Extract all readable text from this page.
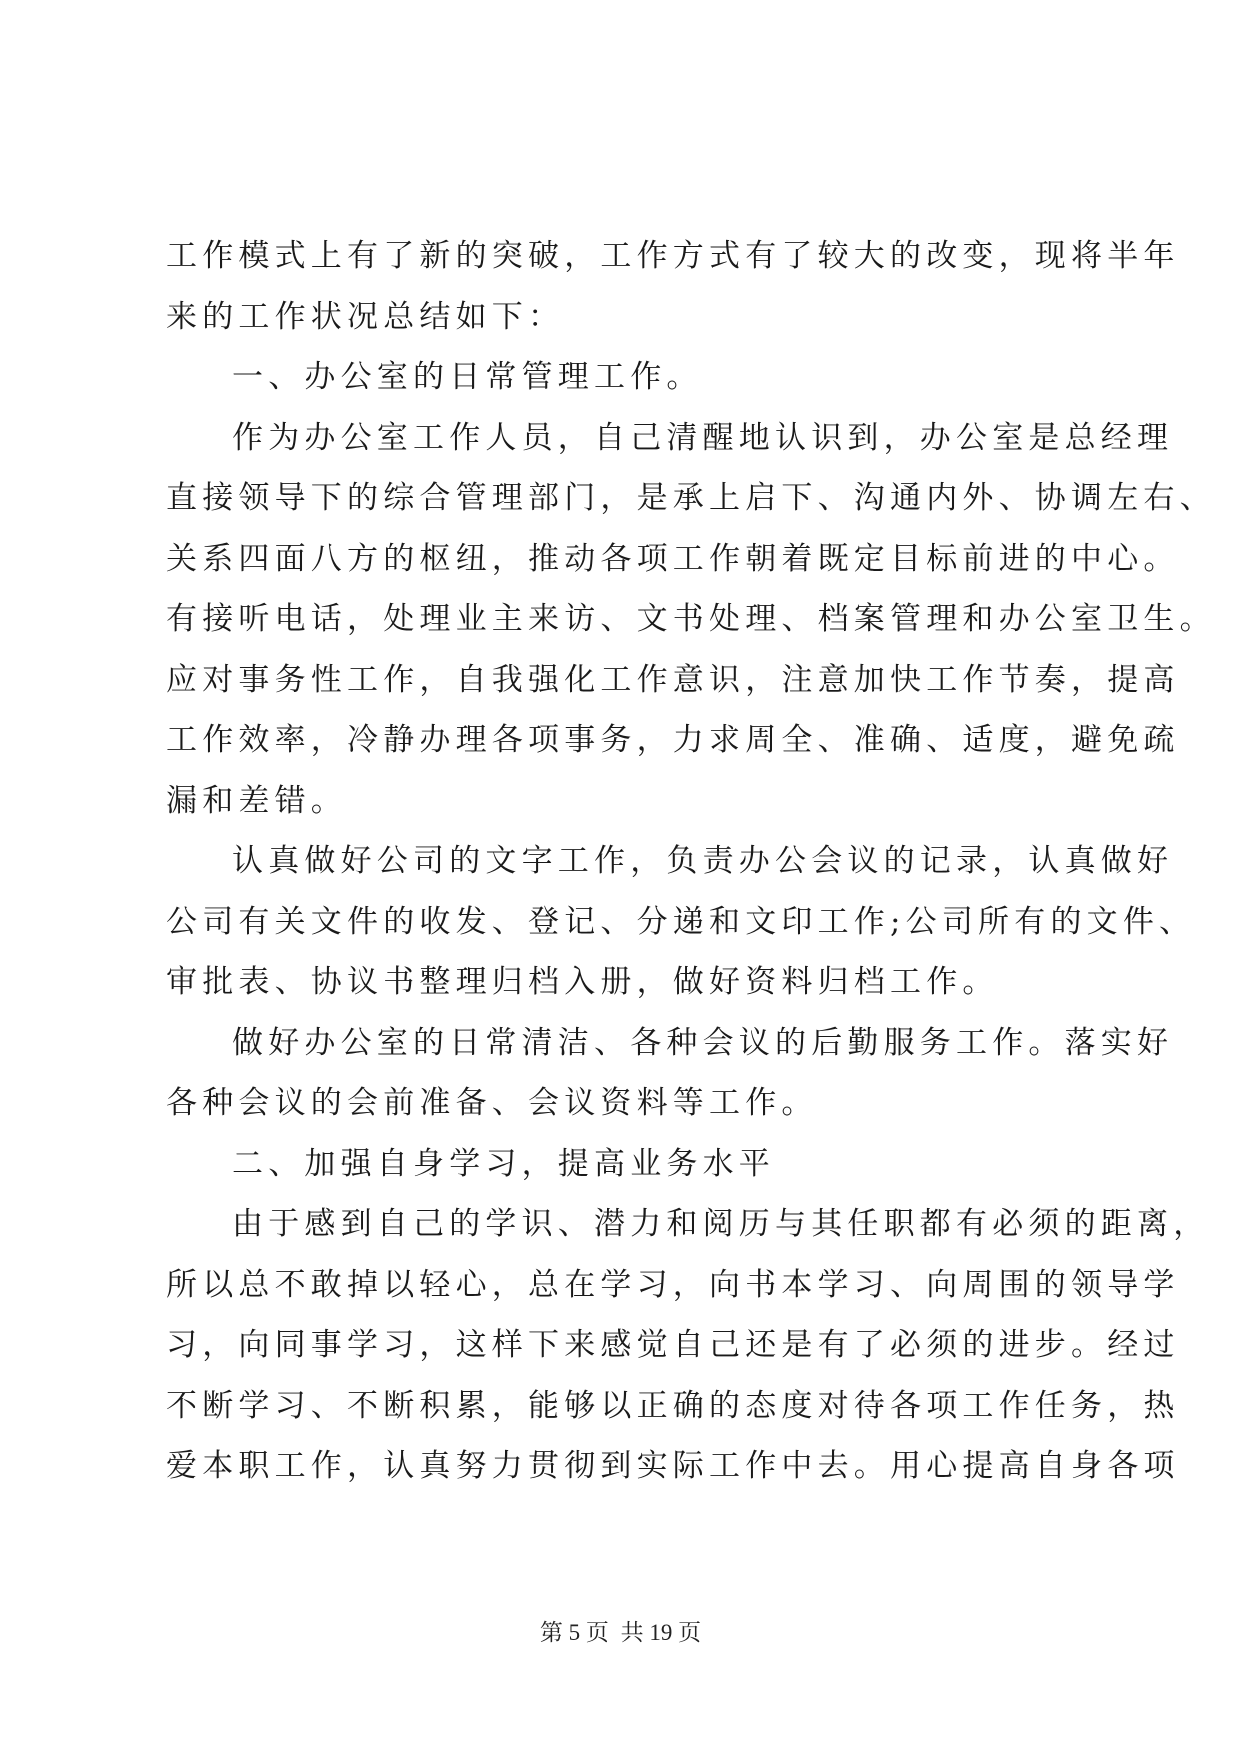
工作模式上有了新的突破，工作方式有了较大的改变，现将半年
来的工作状况总结如下：
一、办公室的日常管理工作。
作为办公室工作人员，自己清醒地认识到，办公室是总经理
直接领导下的综合管理部门，是承上启下、沟通内外、协调左右、
关系四面八方的枢纽，推动各项工作朝着既定目标前进的中心。
有接听电话，处理业主来访、文书处理、档案管理和办公室卫生。
应对事务性工作，自我强化工作意识，注意加快工作节奏，提高
工作效率，冷静办理各项事务，力求周全、准确、适度，避免疏
漏和差错。
认真做好公司的文字工作，负责办公会议的记录，认真做好
公司有关文件的收发、登记、分递和文印工作;公司所有的文件、
审批表、协议书整理归档入册，做好资料归档工作。
做好办公室的日常清洁、各种会议的后勤服务工作。落实好
各种会议的会前准备、会议资料等工作。
二、加强自身学习，提高业务水平
由于感到自己的学识、潜力和阅历与其任职都有必须的距离，
所以总不敢掉以轻心，总在学习，向书本学习、向周围的领导学
习，向同事学习，这样下来感觉自己还是有了必须的进步。经过
不断学习、不断积累，能够以正确的态度对待各项工作任务，热
爱本职工作，认真努力贯彻到实际工作中去。用心提高自身各项
第 5 页 共 19 页
